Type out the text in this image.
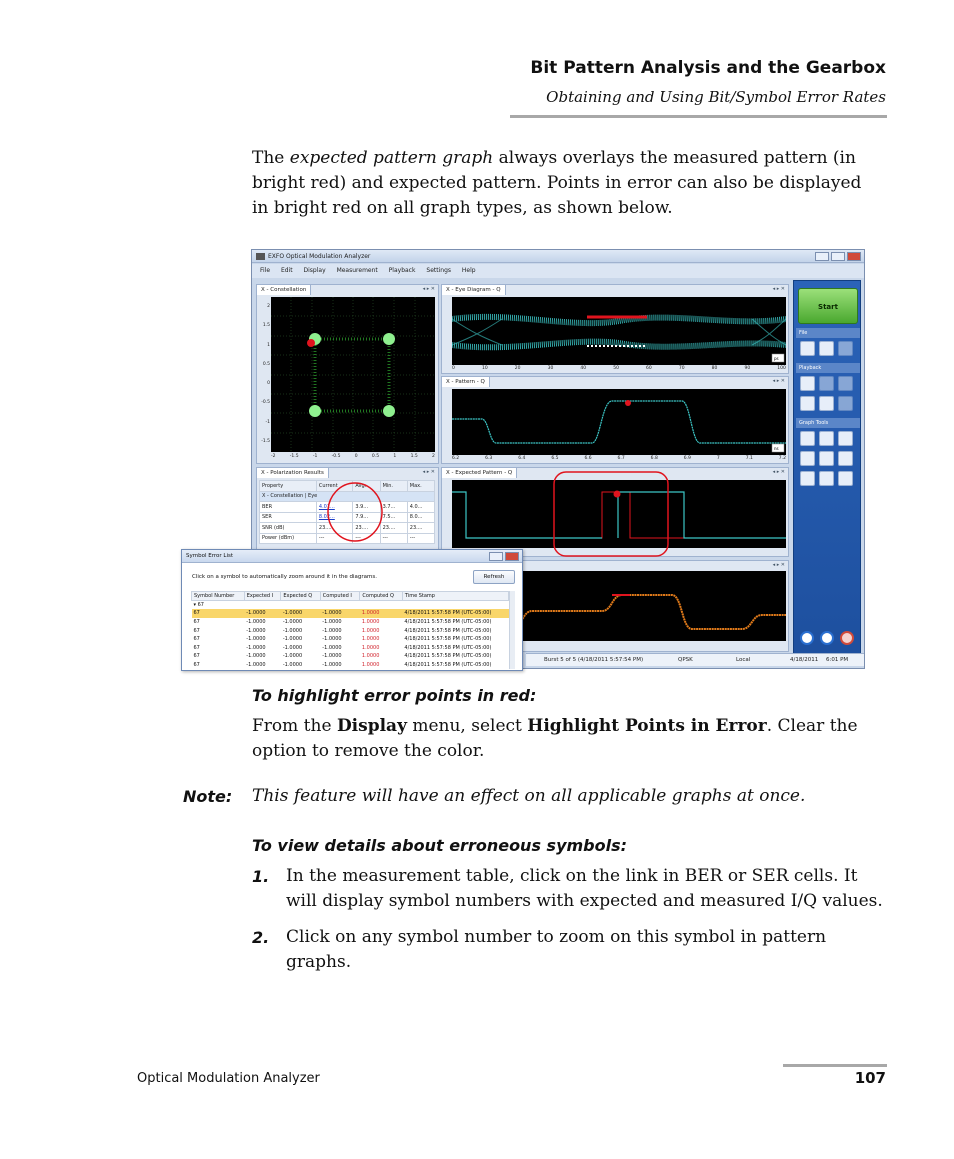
Bit Pattern Analysis and the Gearbox
Obtaining and Using Bit/Symbol Error Rates

The expected pattern graph always overlays the measured pattern (in bright red) and expected pattern. Points in error can also be displayed in bright red on all graph types, as shown below.

EXFO Optical Modulation Analyzer
File Edit Display Measurement Playback Settings Help
X - Constellation	◂ ▸ ✕
2
1.5
1
0.5
0
-0.5
-1
-1.5
-2	-1.5	-1	-0.5	0	0.5	1	1.5	2
X - Eye Diagram - Q	◂ ▸ ✕
ps
0	10	20	30	40	50	60	70	80	90	100
X - Pattern - Q	◂ ▸ ✕
ns
6.2	6.3	6.4	6.5	6.6	6.7	6.8	6.9	7	7.1	7.2
X - Polarization Results	◂ ▸ ✕
Property	Current	Avg.	Min.	Max.
X - Constellation | Eye				
BER	4.01...	3.9...	3.7...	4.0...
SER	8.02...	7.9...	7.5...	8.0...
SNR (dB)	23....	23....	23....	23....
Power (dBm)	---	---	---	---
X - Expected Pattern - Q	◂ ▸ ✕
◂ ▸ ✕
Start
File
Playback
Graph Tools
Burst 5 of 5 (4/18/2011 5:57:54 PM)	QPSK	Local	4/18/2011 6:01 PM
Symbol Error List
Click on a symbol to automatically zoom around it in the diagrams.	Refresh
Symbol Number	Expected I	Expected Q	Computed I	Computed Q	Time Stamp
▾ 67					
67	-1.0000	-1.0000	-1.0000	1.0000	4/18/2011 5:57:58 PM (UTC-05:00)
67	-1.0000	-1.0000	-1.0000	1.0000	4/18/2011 5:57:58 PM (UTC-05:00)
67	-1.0000	-1.0000	-1.0000	1.0000	4/18/2011 5:57:58 PM (UTC-05:00)
67	-1.0000	-1.0000	-1.0000	1.0000	4/18/2011 5:57:58 PM (UTC-05:00)
67	-1.0000	-1.0000	-1.0000	1.0000	4/18/2011 5:57:58 PM (UTC-05:00)
67	-1.0000	-1.0000	-1.0000	1.0000	4/18/2011 5:57:58 PM (UTC-05:00)
67	-1.0000	-1.0000	-1.0000	1.0000	4/18/2011 5:57:58 PM (UTC-05:00)
To highlight error points in red:

From the Display menu, select Highlight Points in Error. Clear the option to remove the color.

Note: This feature will have an effect on all applicable graphs at once.
To view details about erroneous symbols:
1. In the measurement table, click on the link in BER or SER cells. It will display symbol numbers with expected and measured I/Q values.

2. Click on any symbol number to zoom on this symbol in pattern graphs.

Optical Modulation Analyzer	107
